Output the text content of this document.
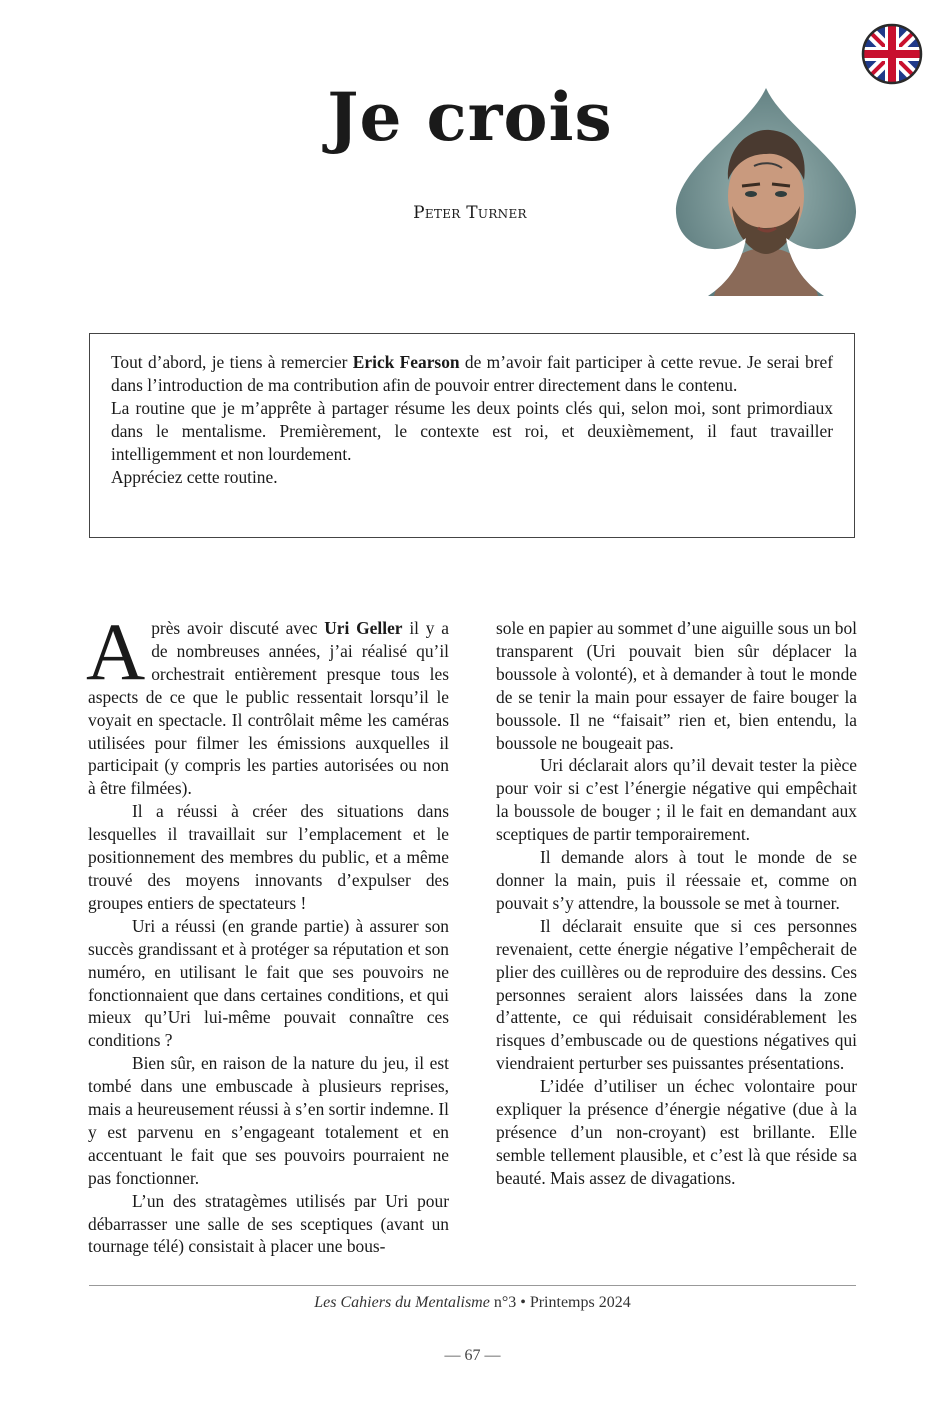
Je crois
Peter Turner

Tout d’abord, je tiens à remercier Erick Fearson de m’avoir fait participer à cette revue. Je serai bref dans l’introduction de ma contribution afin de pouvoir entrer directement dans le contenu.

La routine que je m’apprête à partager résume les deux points clés qui, selon moi, sont primordiaux dans le mentalisme. Premièrement, le contexte est roi, et deuxièmement, il faut travailler intelligemment et non lourdement.

Appréciez cette routine.

Après avoir discuté avec Uri Geller il y a de nombreuses années, j’ai réalisé qu’il orchestrait entièrement presque tous les aspects de ce que le public ressentait lorsqu’il le voyait en spectacle. Il contrôlait même les caméras utilisées pour filmer les émissions auxquelles il participait (y compris les parties autorisées ou non à être filmées).

Il a réussi à créer des situations dans lesquelles il travaillait sur l’emplacement et le positionnement des membres du public, et a même trouvé des moyens innovants d’expulser des groupes entiers de spectateurs !

Uri a réussi (en grande partie) à assurer son succès grandissant et à protéger sa réputation et son numéro, en utilisant le fait que ses pouvoirs ne fonctionnaient que dans certaines conditions, et qui mieux qu’Uri lui-même pouvait connaître ces conditions ?

Bien sûr, en raison de la nature du jeu, il est tombé dans une embuscade à plusieurs reprises, mais a heureusement réussi à s’en sortir indemne. Il y est parvenu en s’engageant totalement et en accentuant le fait que ses pouvoirs pourraient ne pas fonctionner.

L’un des stratagèmes utilisés par Uri pour débarrasser une salle de ses sceptiques (avant un tournage télé) consistait à placer une bous-

sole en papier au sommet d’une aiguille sous un bol transparent (Uri pouvait bien sûr déplacer la boussole à volonté), et à demander à tout le monde de se tenir la main pour essayer de faire bouger la boussole. Il ne “faisait” rien et, bien entendu, la boussole ne bougeait pas.

Uri déclarait alors qu’il devait tester la pièce pour voir si c’est l’énergie négative qui empêchait la boussole de bouger ; il le fait en demandant aux sceptiques de partir temporairement.

Il demande alors à tout le monde de se donner la main, puis il réessaie et, comme on pouvait s’y attendre, la boussole se met à tourner.

Il déclarait ensuite que si ces personnes revenaient, cette énergie négative l’empêcherait de plier des cuillères ou de reproduire des dessins. Ces personnes seraient alors laissées dans la zone d’attente, ce qui réduisait considérablement les risques d’embuscade ou de questions négatives qui viendraient perturber ses puissantes présentations.

L’idée d’utiliser un échec volontaire pour expliquer la présence d’énergie négative (due à la présence d’un non-croyant) est brillante. Elle semble tellement plausible, et c’est là que réside sa beauté. Mais assez de divagations.

Les Cahiers du Mentalisme n°3 • Printemps 2024
— 67 —
